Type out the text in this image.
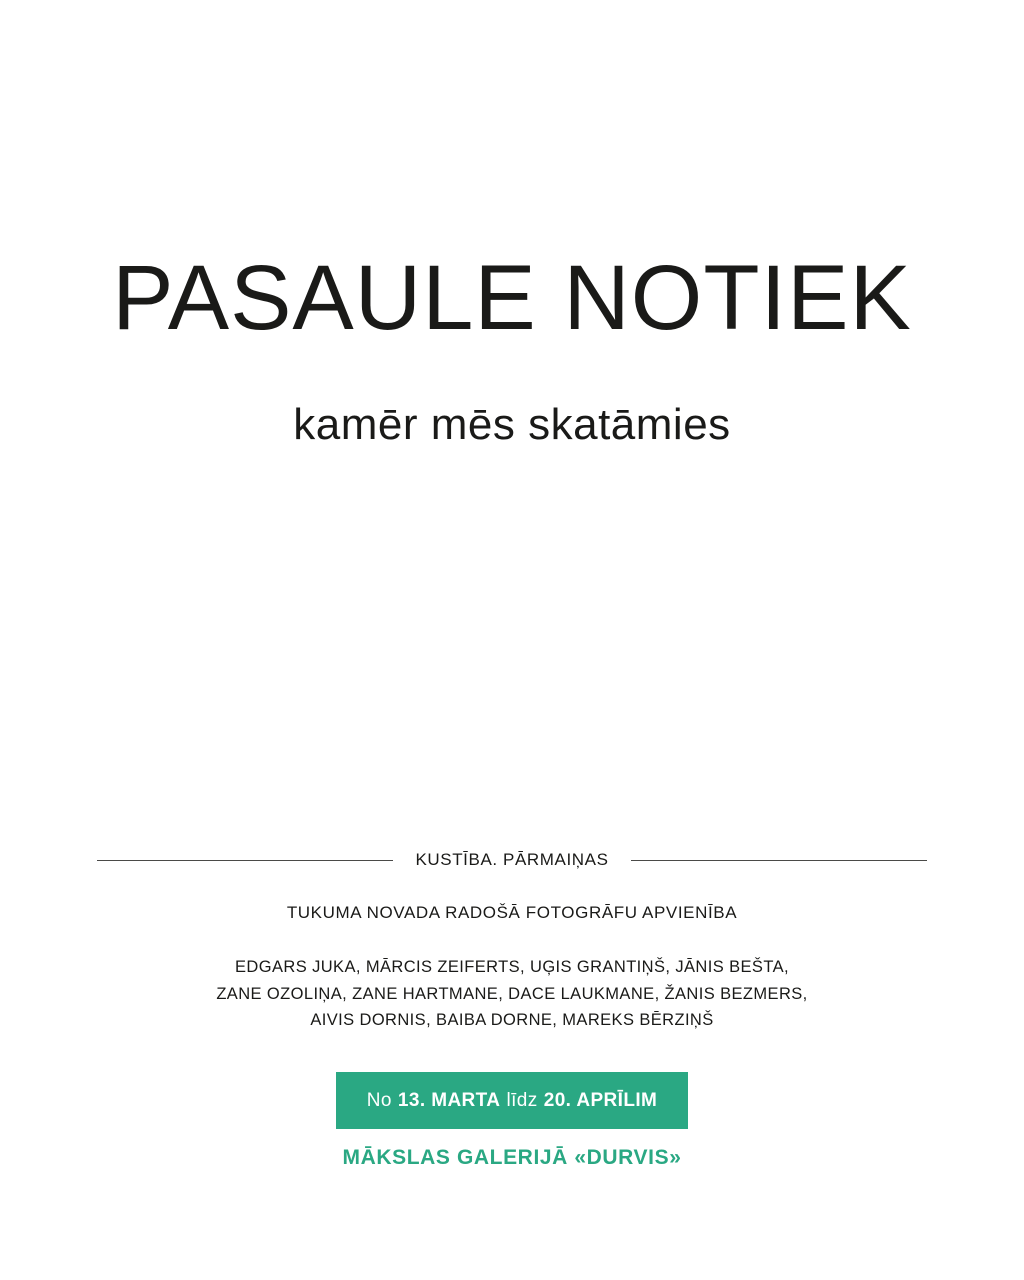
PASAULE NOTIEK

kamēr mēs skatāmies

KUSTĪBA. PĀRMAIŅAS
TUKUMA NOVADA RADOŠĀ FOTOGRĀFU APVIENĪBA
EDGARS JUKA, MĀRCIS ZEIFERTS, UĢIS GRANTIŅŠ, JĀNIS BEŠTA,
ZANE OZOLIŅA, ZANE HARTMANE, DACE LAUKMANE, ŽANIS BEZMERS,
AIVIS DORNIS, BAIBA DORNE, MAREKS BĒRZIŅŠ
No 13. MARTA līdz 20. APRĪLIM
MĀKSLAS GALERIJĀ «DURVIS»
